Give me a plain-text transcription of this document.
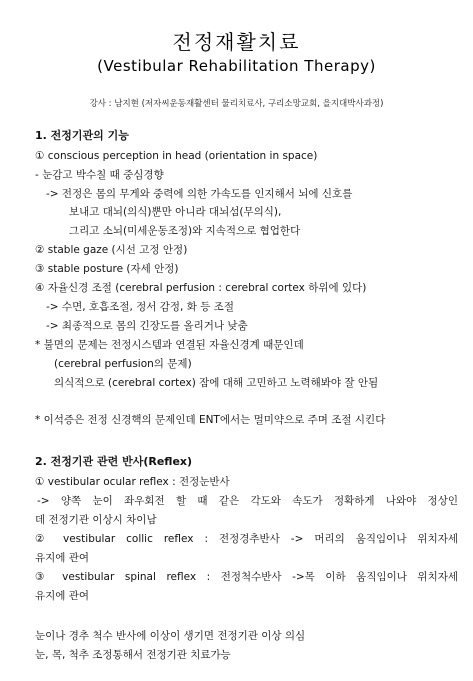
전정재활치료
(Vestibular Rehabilitation Therapy)
강사 : 남지현 (저자씨운동재활센터 물리치료사, 구리소망교회, 을지대박사과정)
1. 전정기관의 기능
① conscious perception in head (orientation in space)
- 눈감고 박수칠 때 중심경향
-> 전정은 몸의 무게와 중력에 의한 가속도를 인지해서 뇌에 신호를
보내고 대뇌(의식)뿐만 아니라 대뇌섬(무의식),
그리고 소뇌(미세운동조정)와 지속적으로 협업한다
② stable gaze (시선 고정 안정)
③ stable posture (자세 안정)
④ 자율신경 조절 (cerebral perfusion : cerebral cortex 하위에 있다)
-> 수면, 호흡조절, 정서 감정, 화 등 조절
-> 최종적으로 몸의 긴장도를 올리거나 낮춤
* 불면의 문제는 전정시스템과 연결된 자율신경계 때문인데
(cerebral perfusion의 문제)
의식적으로 (cerebral cortex) 잠에 대해 고민하고 노력해봐야 잘 안됨
* 이석증은 전정 신경핵의 문제인데 ENT에서는 멀미약으로 주며 조절 시킨다
2. 전정기관 관련 반사(Reflex)
① vestibular ocular reflex : 전정눈반사
-> 양쪽 눈이 좌우회전 할 때 같은 각도와 속도가 정확하게 나와야 정상인
데 전정기관 이상시 차이남
② vestibular collic reflex : 전정경추반사 -> 머리의 움직임이나 위치자세
유지에 관여
③ vestibular spinal reflex : 전정척수반사 ->목 이하 움직임이나 위치자세
유지에 관여
눈이나 경추 척수 반사에 이상이 생기면 전정기관 이상 의심
눈, 목, 척추 조정통해서 전정기관 치료가능
